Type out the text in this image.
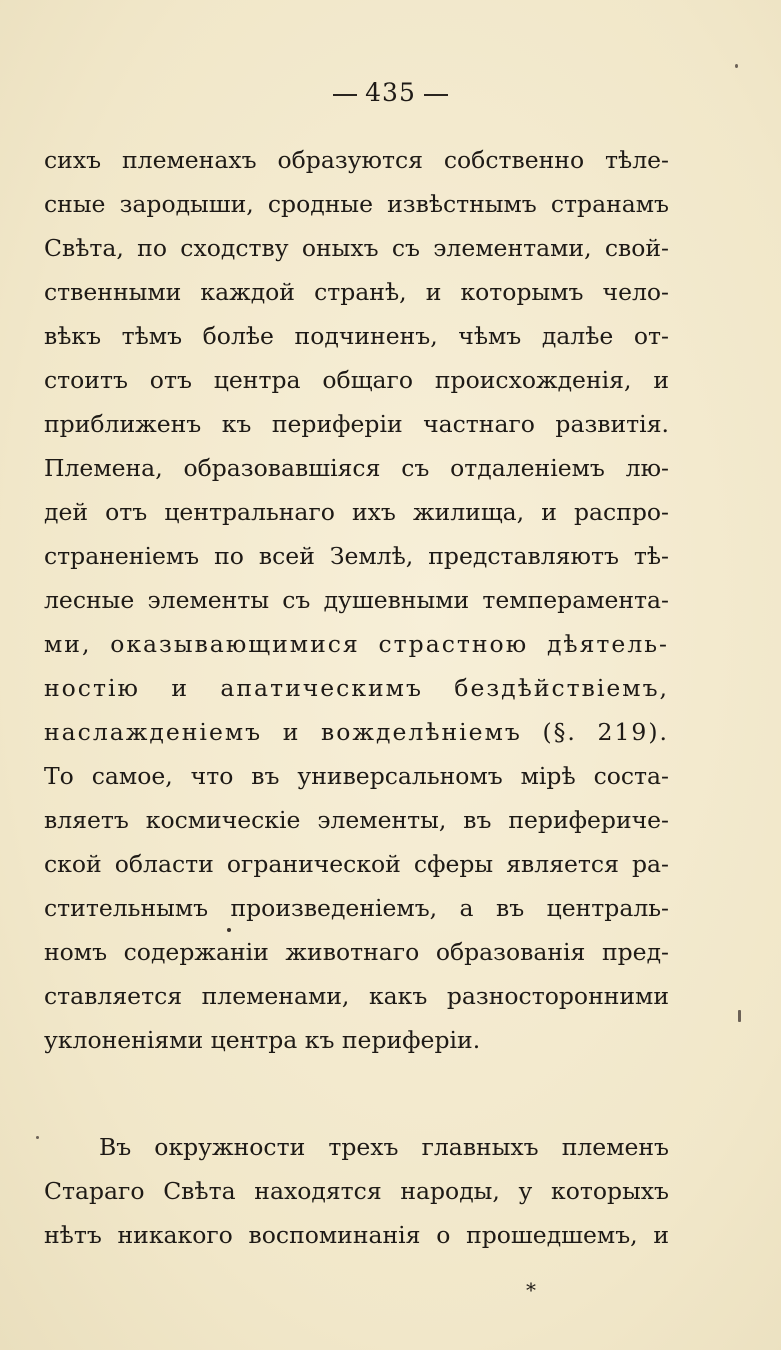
435
сихъ племенахъ образуются собственно тѣле-
сные зародыши, сродные извѣстнымъ странамъ
Свѣта, по сходству оныхъ съ элементами, свой-
ственными каждой странѣ, и которымъ чело-
вѣкъ тѣмъ болѣе подчиненъ, чѣмъ далѣе от-
стоитъ отъ центра общаго происхожденія, и
приближенъ къ периферіи частнаго развитія.
Племена, образовавшіяся съ отдаленіемъ лю-
дей отъ центральнаго ихъ жилища, и распро-
страненіемъ по всей Землѣ, представляютъ тѣ-
лесные элементы съ душевными темперамента-
ми, оказывающимися страстною дѣятель-
ностію и апатическимъ бездѣйствіемъ,
наслажденіемъ и вожделѣніемъ (§. 219).
То самое, что въ универсальномъ мірѣ соста-
вляетъ космическіе элементы, въ периферичe-
ской области огранической сферы является ра-
стительнымъ произведеніемъ, а въ централь-
номъ содержаніи животнаго образованія пред-
ставляется племенами, какъ разносторонними
уклоненіями центра къ периферіи.
Въ окружности трехъ главныхъ племенъ
Стараго Свѣта находятся народы, у которыхъ
нѣтъ никакого воспоминанія о прошедшемъ, и
*
